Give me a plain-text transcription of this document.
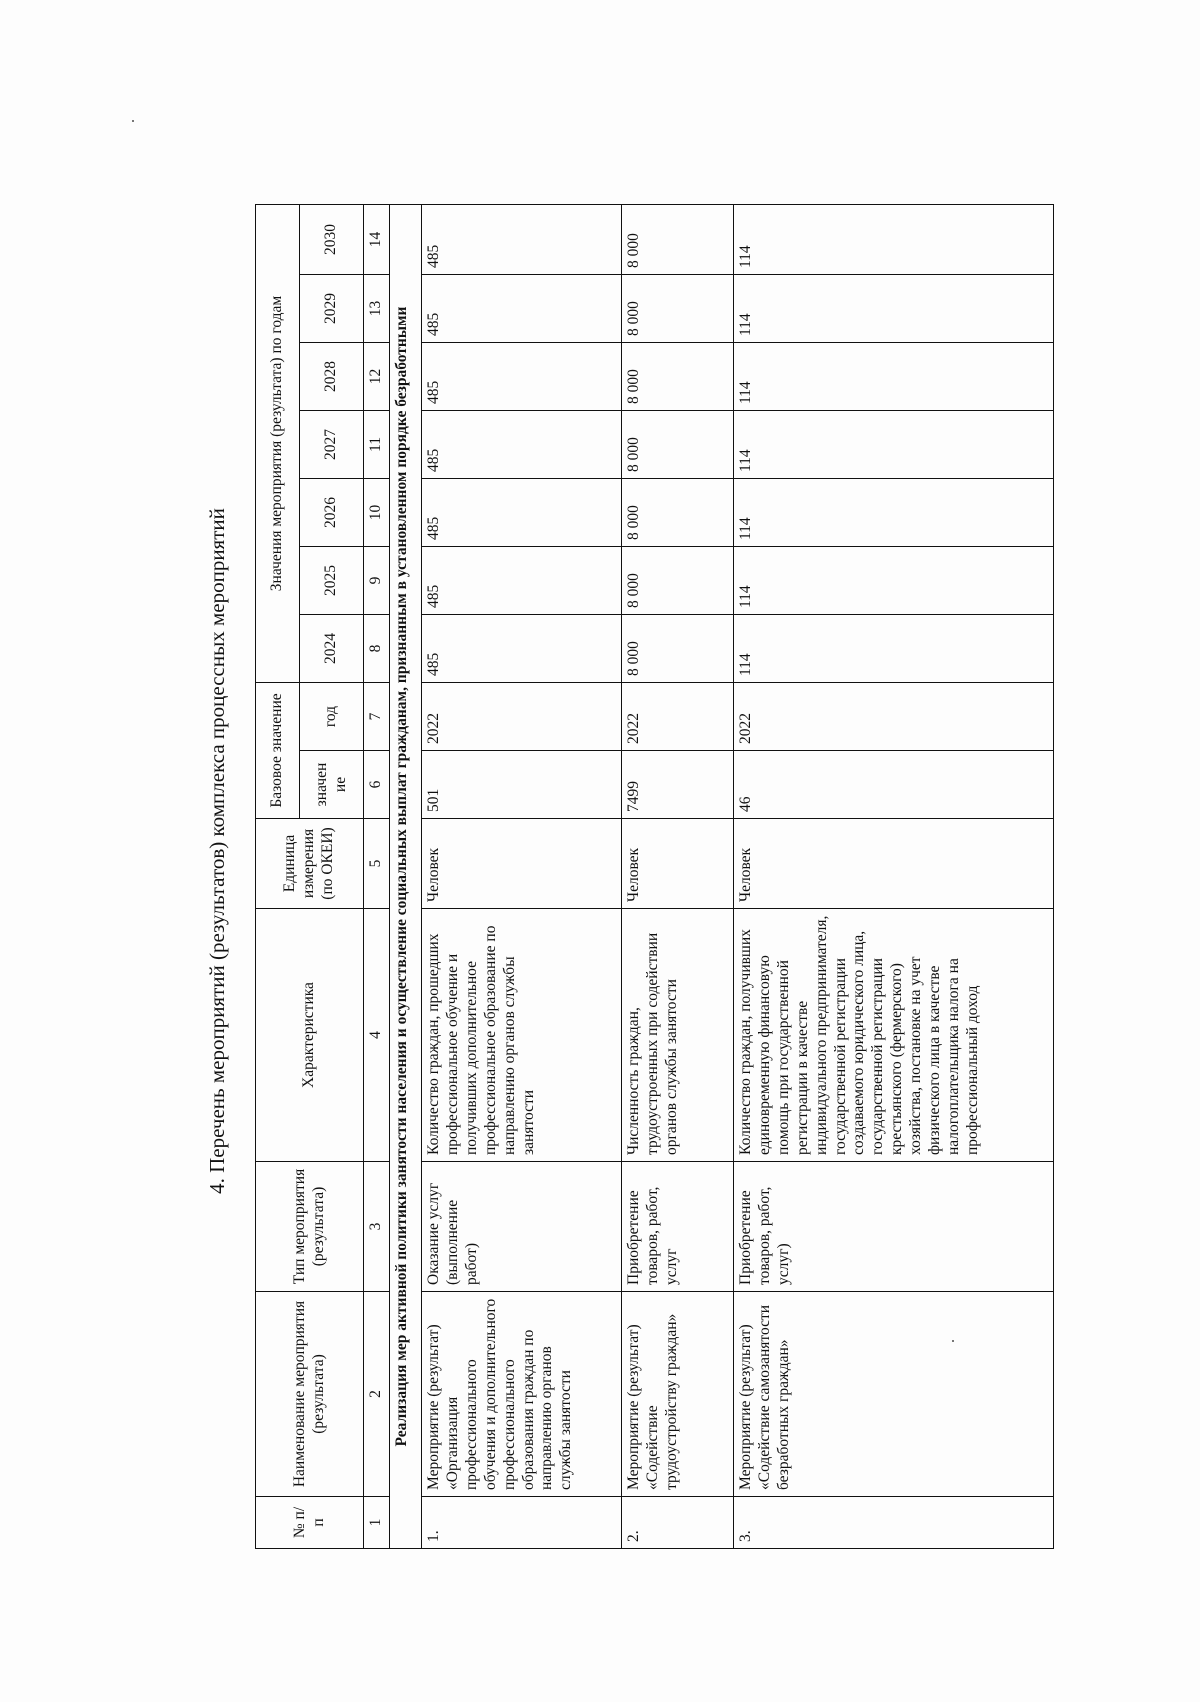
4. Перечень мероприятий (результатов) комплекса процессных мероприятий
№ п/п	Наименование мероприятия (результата)	Тип мероприятия (результата)	Характеристика	Единица измерения (по ОКЕИ)	Базовое значение		Значения мероприятия (результата) по годам						
					значен ие	год	2024	2025	2026	2027	2028	2029	2030
1	2	3	4	5	6	7	8	9	10	11	12	13	14
Реализация мер активной политики занятости населения и осуществление социальных выплат гражданам, признанным в установленном порядке безработными													
1.	Мероприятие (результат) «Организация профессионального обучения и дополнительного профессионального образования граждан по направлению органов службы занятости	Оказание услуг (выполнение работ)	Количество граждан, прошедших профессиональное обучение и получивших дополнительное профессиональное образование по направлению органов службы занятости	Человек	501	2022	485	485	485	485	485	485	485
2.	Мероприятие (результат) «Содействие трудоустройству граждан»	Приобретение товаров, работ, услуг	Численность граждан, трудоустроенных при содействии органов службы занятости	Человек	7499	2022	8 000	8 000	8 000	8 000	8 000	8 000	8 000
3.	Мероприятие (результат) «Содействие самозанятости безработных граждан»	Приобретение товаров, работ, услуг)	Количество граждан, получивших единовременную финансовую помощь при государственной регистрации в качестве индивидуального предпринимателя, государственной регистрации создаваемого юридического лица, государственной регистрации крестьянского (фермерского) хозяйства, постановке на учет физического лица в качестве налогоплательщика налога на профессиональный доход	Человек	46	2022	114	114	114	114	114	114	114
